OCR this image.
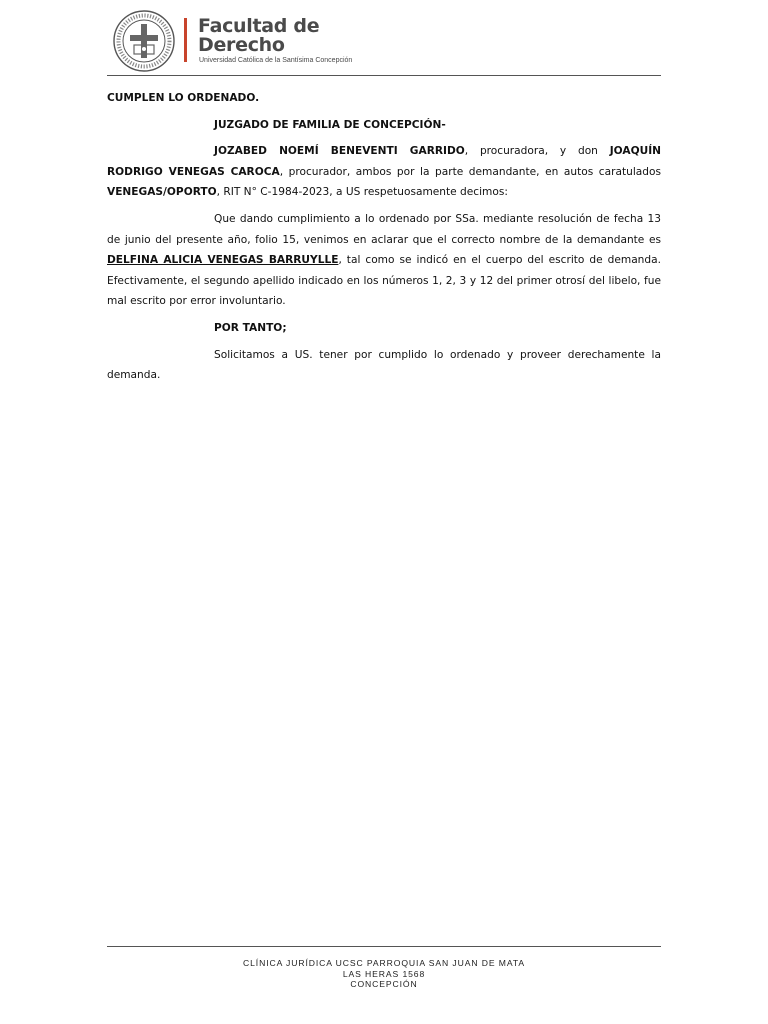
Facultad de
Derecho
Universidad Católica de la Santísima Concepción

CUMPLEN LO ORDENADO.

JUZGADO DE FAMILIA DE CONCEPCIÓN-

JOZABED NOEMÍ BENEVENTI GARRIDO, procuradora, y don JOAQUÍN RODRIGO VENEGAS CAROCA, procurador, ambos por la parte demandante, en autos caratulados VENEGAS/OPORTO, RIT N° C-1984-2023, a US respetuosamente decimos:

Que dando cumplimiento a lo ordenado por SSa. mediante resolución de fecha 13 de junio del presente año, folio 15, venimos en aclarar que el correcto nombre de la demandante es DELFINA ALICIA VENEGAS BARRUYLLE, tal como se indicó en el cuerpo del escrito de demanda. Efectivamente, el segundo apellido indicado en los números 1, 2, 3 y 12 del primer otrosí del libelo, fue mal escrito por error involuntario.

POR TANTO;

Solicitamos a US. tener por cumplido lo ordenado y proveer derechamente la demanda.

CLÍNICA JURÍDICA UCSC PARROQUIA SAN JUAN DE MATA
LAS HERAS 1568
CONCEPCIÓN
